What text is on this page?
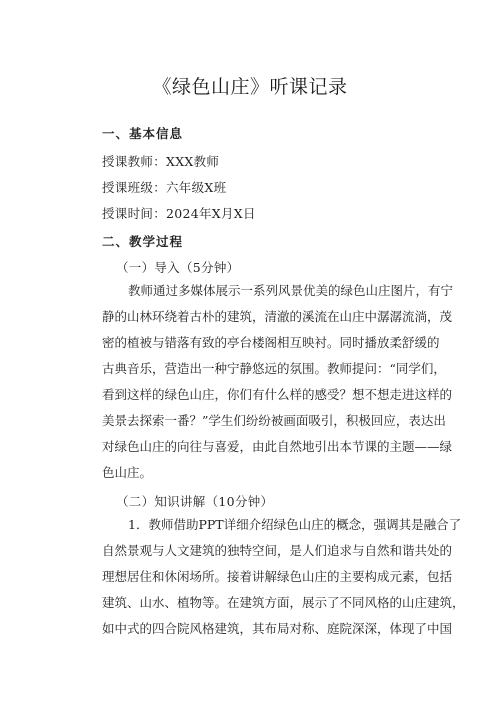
《绿色山庄》听课记录
一、基本信息
授课教师：XXX教师
授课班级：六年级X班
授课时间：2024年X月X日
二、教学过程
（一）导入（5分钟）
教师通过多媒体展示一系列风景优美的绿色山庄图片，有宁
静的山林环绕着古朴的建筑，清澈的溪流在山庄中潺潺流淌，茂
密的植被与错落有致的亭台楼阁相互映衬。同时播放柔舒缓的
古典音乐，营造出一种宁静悠远的氛围。教师提问：“同学们，
看到这样的绿色山庄，你们有什么样的感受？想不想走进这样的
美景去探索一番？”学生们纷纷被画面吸引，积极回应，表达出
对绿色山庄的向往与喜爱，由此自然地引出本节课的主题——绿
色山庄。
（二）知识讲解（10分钟）
1．教师借助PPT详细介绍绿色山庄的概念，强调其是融合了
自然景观与人文建筑的独特空间，是人们追求与自然和谐共处的
理想居住和休闲场所。接着讲解绿色山庄的主要构成元素，包括
建筑、山水、植物等。在建筑方面，展示了不同风格的山庄建筑，
如中式的四合院风格建筑，其布局对称、庭院深深，体现了中国
